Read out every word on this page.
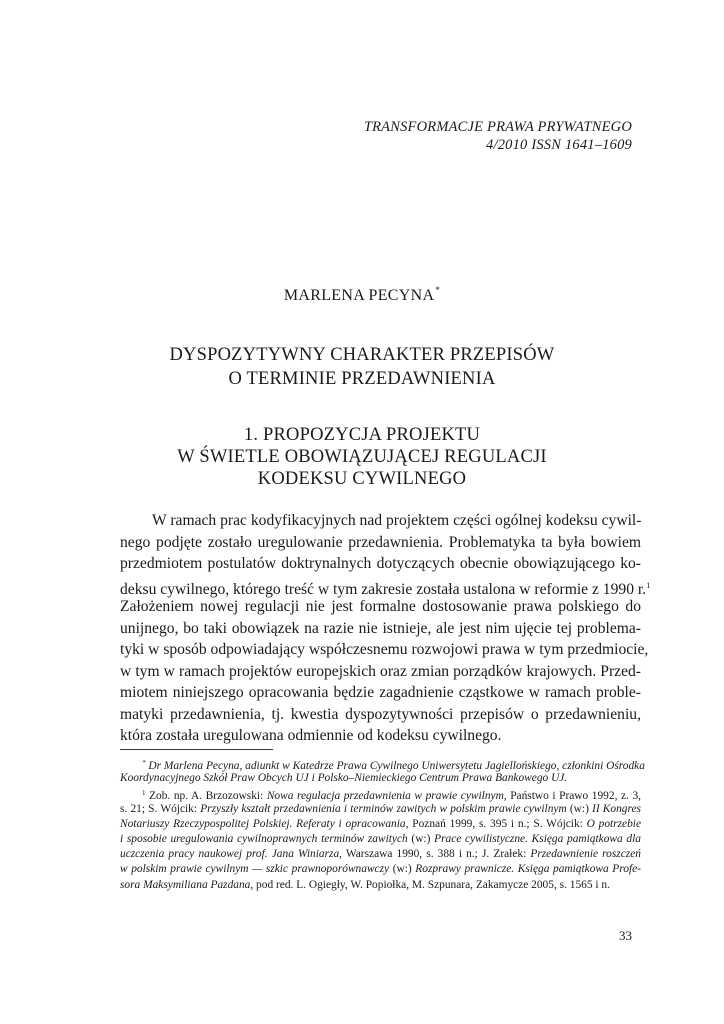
TRANSFORMACJE PRAWA PRYWATNEGO
4/2010 ISSN 1641–1609
MARLENA PECYNA*
DYSPOZYTYWNY CHARAKTER PRZEPISÓW
O TERMINIE PRZEDAWNIENIA
1. PROPOZYCJA PROJEKTU
W ŚWIETLE OBOWIĄZUJĄCEJ REGULACJI
KODEKSU CYWILNEGO
W ramach prac kodyfikacyjnych nad projektem części ogólnej kodeksu cywil-
nego podjęte zostało uregulowanie przedawnienia. Problematyka ta była bowiem
przedmiotem postulatów doktrynalnych dotyczących obecnie obowiązującego ko-
deksu cywilnego, którego treść w tym zakresie została ustalona w reformie z 1990 r.$^1$
Założeniem nowej regulacji nie jest formalne dostosowanie prawa polskiego do
unijnego, bo taki obowiązek na razie nie istnieje, ale jest nim ujęcie tej problema-
tyki w sposób odpowiadający współczesnemu rozwojowi prawa w tym przedmiocie,
w tym w ramach projektów europejskich oraz zmian porządków krajowych. Przed-
miotem niniejszego opracowania będzie zagadnienie cząstkowe w ramach proble-
matyki przedawnienia, tj. kwestia dyspozytywności przepisów o przedawnieniu,
która została uregulowana odmiennie od kodeksu cywilnego.
* Dr Marlena Pecyna, adiunkt w Katedrze Prawa Cywilnego Uniwersytetu Jagiellońskiego, członkini Ośrodka
Koordynacyjnego Szkół Praw Obcych UJ i Polsko–Niemieckiego Centrum Prawa Bankowego UJ.
$^1$ Zob. np. A. Brzozowski: Nowa regulacja przedawnienia w prawie cywilnym, Państwo i Prawo 1992, z. 3,
s. 21; S. Wójcik: Przyszły kształt przedawnienia i terminów zawitych w polskim prawie cywilnym (w:) II Kongres
Notariuszy Rzeczypospolitej Polskiej. Referaty i opracowania, Poznań 1999, s. 395 i n.; S. Wójcik: O potrzebie
i sposobie uregulowania cywilnoprawnych terminów zawitych (w:) Prace cywilistyczne. Księga pamiątkowa dla
uczczenia pracy naukowej prof. Jana Winiarza, Warszawa 1990, s. 388 i n.; J. Zrałek: Przedawnienie roszczeń
w polskim prawie cywilnym — szkic prawnoporównawczy (w:) Rozprawy prawnicze. Księga pamiątkowa Profe-
sora Maksymiliana Pazdana, pod red. L. Ogiegły, W. Popiołka, M. Szpunara, Zakamycze 2005, s. 1565 i n.
33
